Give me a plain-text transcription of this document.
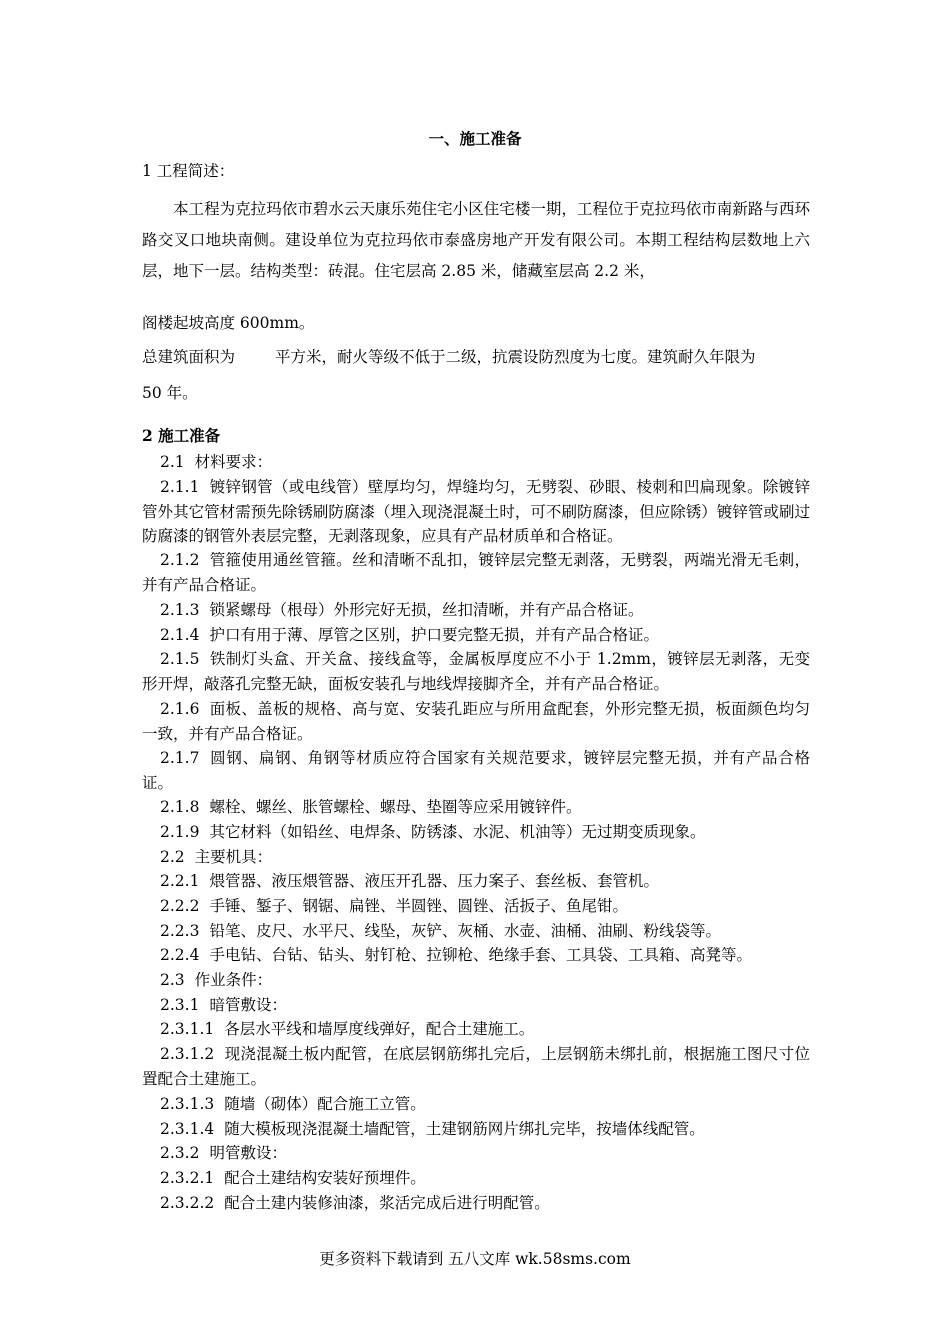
一、施工准备
1 工程简述：
本工程为克拉玛依市碧水云天康乐苑住宅小区住宅楼一期，工程位于克拉玛依市南新路与西环路交叉口地块南侧。建设单位为克拉玛依市泰盛房地产开发有限公司。本期工程结构层数地上六层，地下一层。结构类型：砖混。住宅层高 2.85 米，储藏室层高 2.2 米，
阁楼起坡高度 600mm。
总建筑面积为	平方米，耐火等级不低于二级，抗震设防烈度为七度。建筑耐久年限为
50 年。
2 施工准备
2.1 材料要求：
2.1.1 镀锌钢管（或电线管）壁厚均匀，焊缝均匀，无劈裂、砂眼、棱刺和凹扁现象。除镀锌管外其它管材需预先除锈刷防腐漆（埋入现浇混凝土时，可不刷防腐漆，但应除锈）镀锌管或刷过防腐漆的钢管外表层完整，无剥落现象，应具有产品材质单和合格证。
2.1.2 管箍使用通丝管箍。丝和清晰不乱扣，镀锌层完整无剥落，无劈裂，两端光滑无毛刺，并有产品合格证。
2.1.3 锁紧螺母（根母）外形完好无损，丝扣清晰，并有产品合格证。
2.1.4 护口有用于薄、厚管之区别，护口要完整无损，并有产品合格证。
2.1.5 铁制灯头盒、开关盒、接线盒等，金属板厚度应不小于 1.2mm，镀锌层无剥落，无变形开焊，敲落孔完整无缺，面板安装孔与地线焊接脚齐全，并有产品合格证。
2.1.6 面板、盖板的规格、高与宽、安装孔距应与所用盒配套，外形完整无损，板面颜色均匀一致，并有产品合格证。
2.1.7 圆钢、扁钢、角钢等材质应符合国家有关规范要求，镀锌层完整无损，并有产品合格证。
2.1.8 螺栓、螺丝、胀管螺栓、螺母、垫圈等应采用镀锌件。
2.1.9 其它材料（如铅丝、电焊条、防锈漆、水泥、机油等）无过期变质现象。
2.2 主要机具：
2.2.1 煨管器、液压煨管器、液压开孔器、压力案子、套丝板、套管机。
2.2.2 手锤、錾子、钢锯、扁锉、半圆锉、圆锉、活扳子、鱼尾钳。
2.2.3 铅笔、皮尺、水平尺、线坠，灰铲、灰桶、水壶、油桶、油刷、粉线袋等。
2.2.4 手电钻、台钻、钻头、射钉枪、拉铆枪、绝缘手套、工具袋、工具箱、高凳等。
2.3 作业条件：
2.3.1 暗管敷设：
2.3.1.1 各层水平线和墙厚度线弹好，配合土建施工。
2.3.1.2 现浇混凝土板内配管，在底层钢筋绑扎完后，上层钢筋未绑扎前，根据施工图尺寸位置配合土建施工。
2.3.1.3 随墙（砌体）配合施工立管。
2.3.1.4 随大模板现浇混凝土墙配管，土建钢筋网片绑扎完毕，按墙体线配管。
2.3.2 明管敷设：
2.3.2.1 配合土建结构安装好预埋件。
2.3.2.2 配合土建内装修油漆，浆活完成后进行明配管。
更多资料下载请到 五八文库 wk.58sms.com
